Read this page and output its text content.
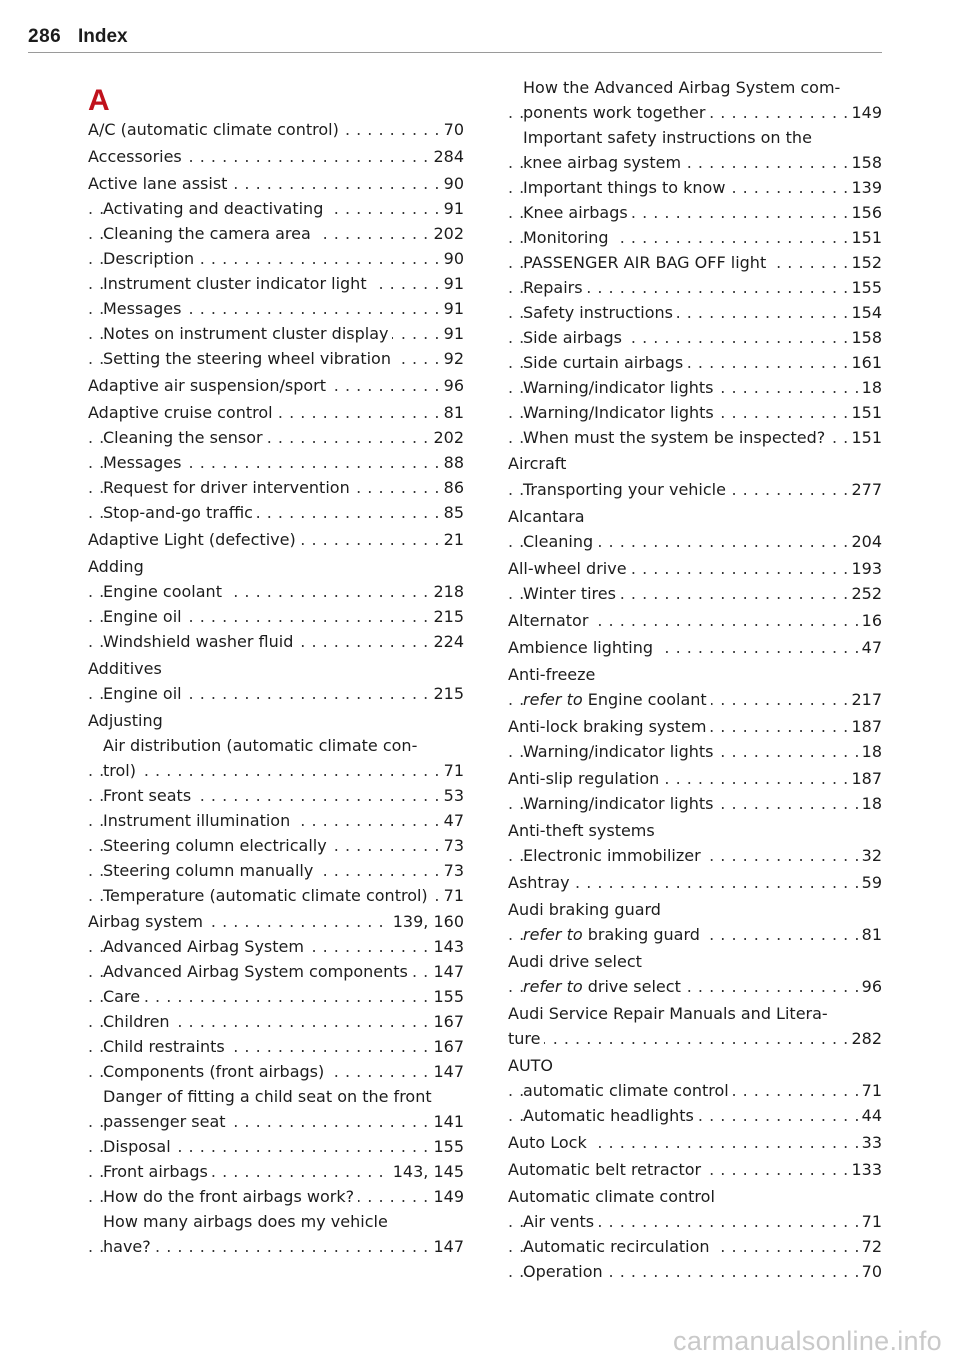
286 Index
A
. . . A/C (automatic climate control)	70
. . . Accessories	284
. . . Active lane assist	90
. . . Activating and deactivating	91
. . . Cleaning the camera area	202
. . . Description	90
. . . Instrument cluster indicator light	91
. . . Messages	91
. . . Notes on instrument cluster display	91
. . . Setting the steering wheel vibration	92
. . . Adaptive air suspension/sport	96
. . . Adaptive cruise control	81
. . . Cleaning the sensor	202
. . . Messages	88
. . . Request for driver intervention	86
. . . Stop-and-go traffic	85
. . . Adaptive Light (defective)	21
Adding
. . . Engine coolant	218
. . . Engine oil	215
. . . Windshield washer fluid	224
Additives
. . . Engine oil	215
Adjusting
Air distribution (automatic climate con-
. . . trol)	71
. . . Front seats	53
. . . Instrument illumination	47
. . . Steering column electrically	73
. . . Steering column manually	73
. . . Temperature (automatic climate control) 71
. . . Airbag system	139, 160
. . . Advanced Airbag System	143
. . . Advanced Airbag System components 147
. . . Care	155
. . . Children	167
. . . Child restraints	167
. . . Components (front airbags)	147
Danger of fitting a child seat on the front
. . . passenger seat	141
. . . Disposal	155
. . . Front airbags	143, 145
. . . How do the front airbags work?	149
How many airbags does my vehicle
. . . have?	147
How the Advanced Airbag System com-
. . . ponents work together	149
Important safety instructions on the
. . . knee airbag system	158
. . . Important things to know	139
. . . Knee airbags	156
. . . Monitoring	151
. . . PASSENGER AIR BAG OFF light	152
. . . Repairs	155
. . . Safety instructions	154
. . . Side airbags	158
. . . Side curtain airbags	161
. . . Warning/indicator lights	18
. . . Warning/Indicator lights	151
. . . When must the system be inspected? 151
Aircraft
. . . Transporting your vehicle	277
Alcantara
. . . Cleaning	204
. . . All-wheel drive	193
. . . Winter tires	252
. . . Alternator	16
. . . Ambience lighting	47
Anti-freeze
. . . refer to Engine coolant	217
. . . Anti-lock braking system	187
. . . Warning/indicator lights	18
. . . Anti-slip regulation	187
. . . Warning/indicator lights	18
Anti-theft systems
. . . Electronic immobilizer	32
. . . Ashtray	59
Audi braking guard
. . . refer to braking guard	81
Audi drive select
. . . refer to drive select	96
Audi Service Repair Manuals and Litera-
. . . ture	282
AUTO
. . . automatic climate control	71
. . . Automatic headlights	44
. . . Auto Lock	33
. . . Automatic belt retractor	133
Automatic climate control
. . . Air vents	71
. . . Automatic recirculation	72
. . . Operation	70
carmanualsonline.info
